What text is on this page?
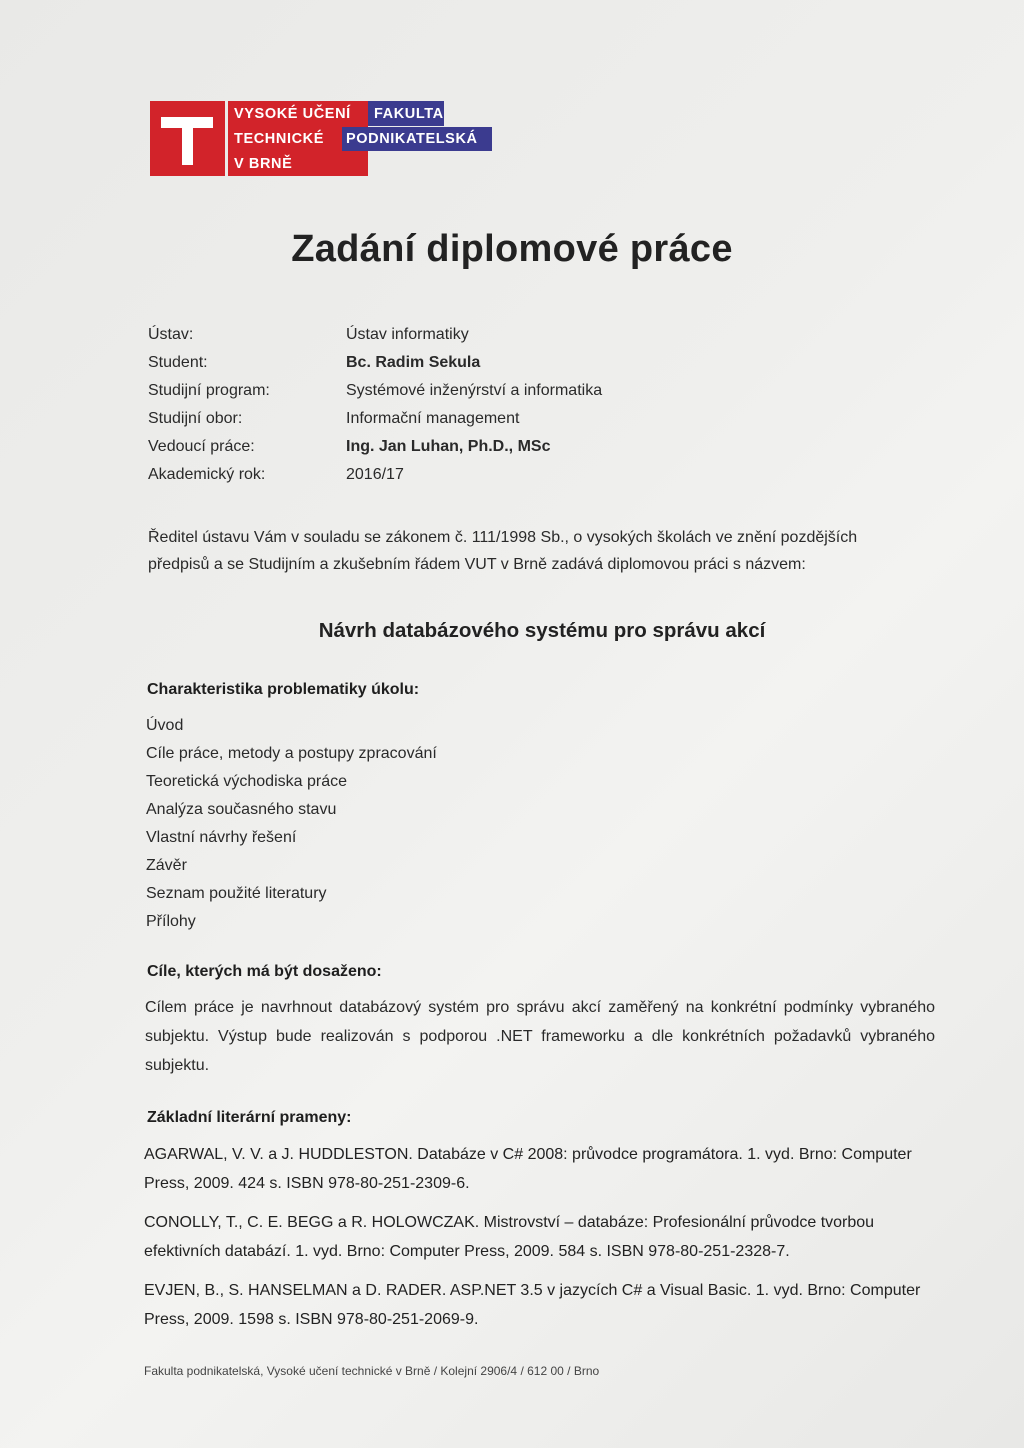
VYSOKÉ UČENÍ FAKULTA
TECHNICKÉ PODNIKATELSKÁ
V BRNĚ
Zadání diplomové práce
Ústav:	Ústav informatiky
Student:	Bc. Radim Sekula
Studijní program:	Systémové inženýrství a informatika
Studijní obor:	Informační management
Vedoucí práce:	Ing. Jan Luhan, Ph.D., MSc
Akademický rok:	2016/17
Ředitel ústavu Vám v souladu se zákonem č. 111/1998 Sb., o vysokých školách ve znění pozdějších
předpisů a se Studijním a zkušebním řádem VUT v Brně zadává diplomovou práci s názvem:
Návrh databázového systému pro správu akcí
Charakteristika problematiky úkolu:
Úvod
Cíle práce, metody a postupy zpracování
Teoretická východiska práce
Analýza současného stavu
Vlastní návrhy řešení
Závěr
Seznam použité literatury
Přílohy
Cíle, kterých má být dosaženo:
Cílem práce je navrhnout databázový systém pro správu akcí zaměřený na konkrétní podmínky vybraného subjektu. Výstup bude realizován s podporou .NET frameworku a dle konkrétních požadavků vybraného subjektu.
Základní literární prameny:
AGARWAL, V. V. a J. HUDDLESTON. Databáze v C# 2008: průvodce programátora. 1. vyd. Brno: Computer Press, 2009. 424 s. ISBN 978-80-251-2309-6.
CONOLLY, T., C. E. BEGG a R. HOLOWCZAK. Mistrovství – databáze: Profesionální průvodce tvorbou efektivních databází. 1. vyd. Brno: Computer Press, 2009. 584 s. ISBN 978-80-251-2328-7.
EVJEN, B., S. HANSELMAN a D. RADER. ASP.NET 3.5 v jazycích C# a Visual Basic. 1. vyd. Brno: Computer Press, 2009. 1598 s. ISBN 978-80-251-2069-9.
Fakulta podnikatelská, Vysoké učení technické v Brně / Kolejní 2906/4 / 612 00 / Brno
